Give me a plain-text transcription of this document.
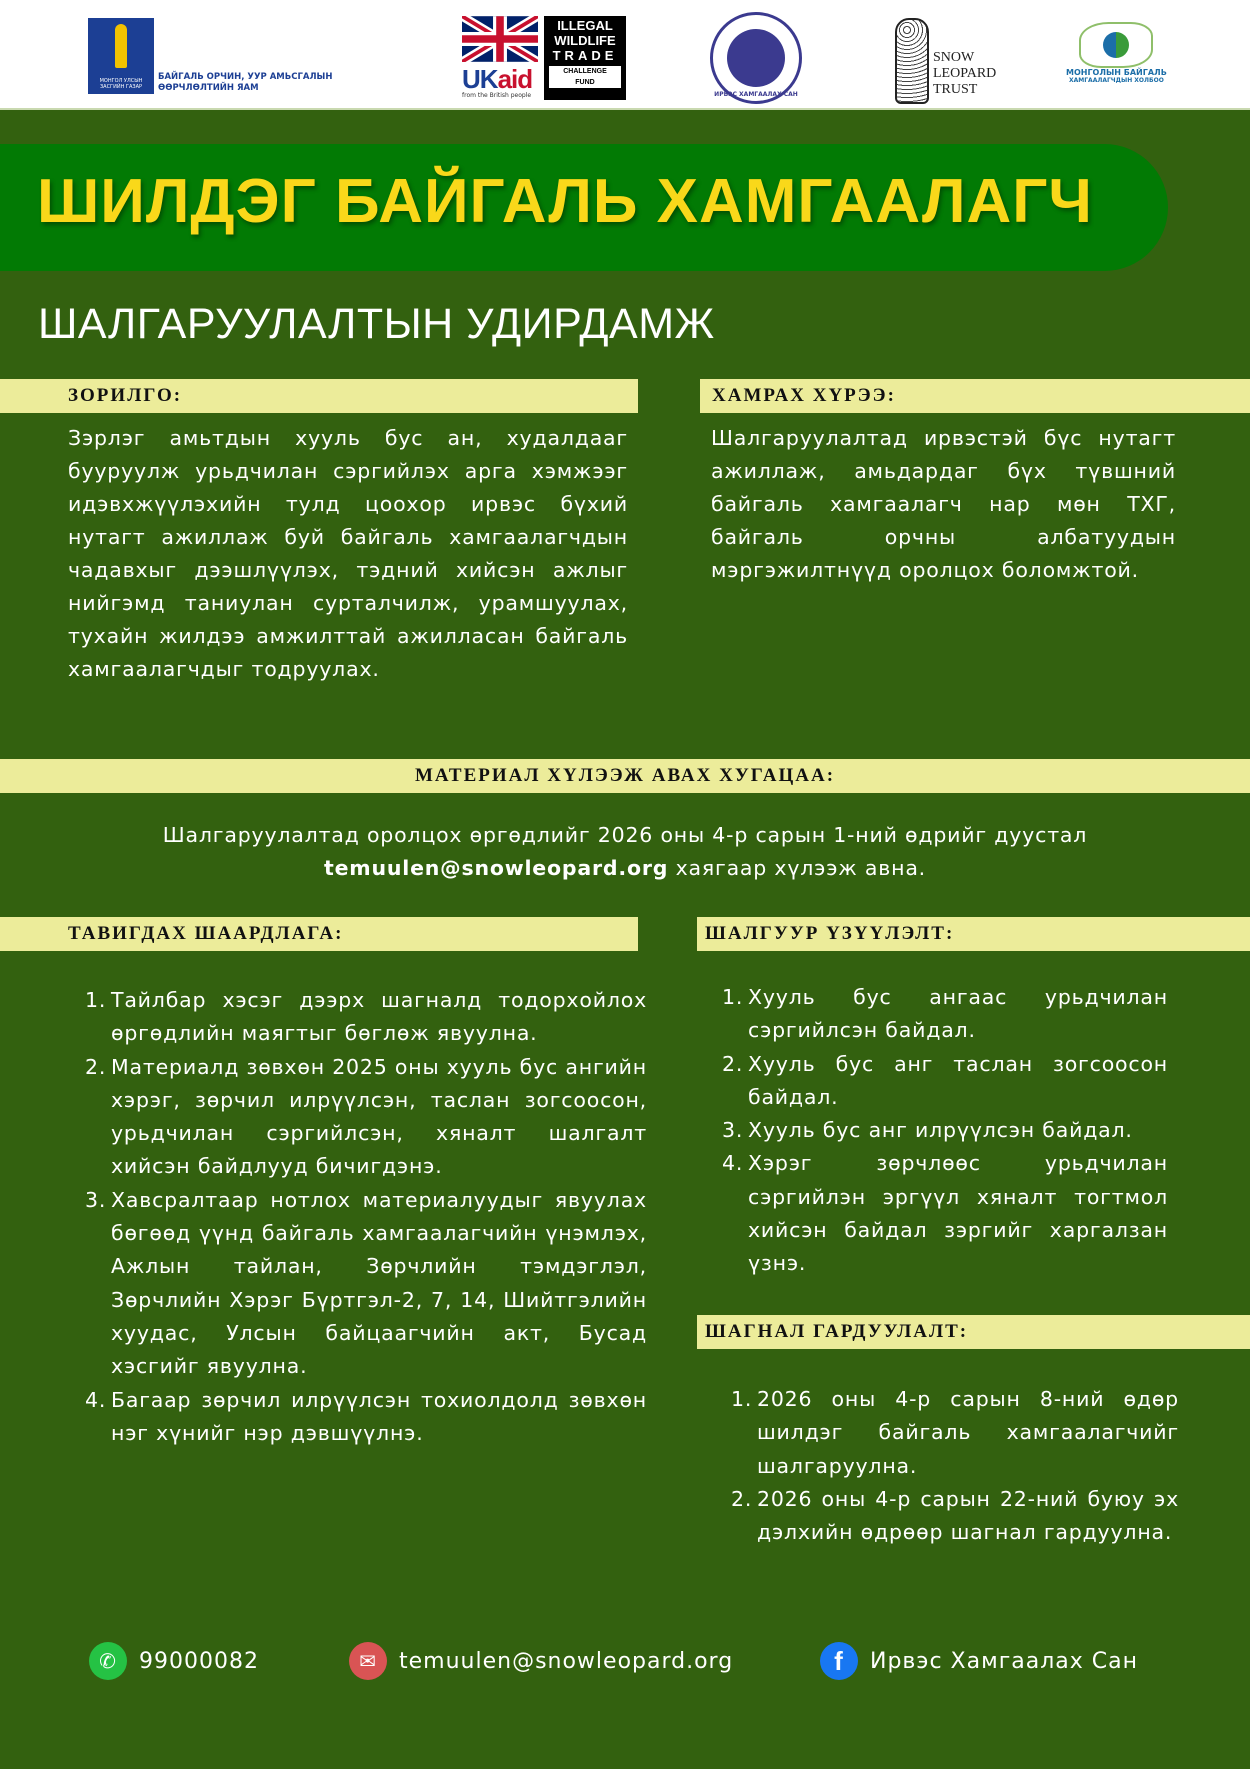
МОНГОЛ УЛСЫН ЗАСГИЙН ГАЗАР
БАЙГАЛЬ ОРЧИН, УУР АМЬСГАЛЫН
ӨӨРЧЛӨЛТИЙН ЯАМ	UKaid
from the British people
ILLEGAL
WILDLIFE
TRADE
CHALLENGE
FUND
ИРВЭС ХАМГААЛАХ САН
SNOW
LEOPARD
TRUST
МОНГОЛЫН БАЙГАЛЬ
ХАМГААЛАГЧДЫН ХОЛБОО
ШИЛДЭГ БАЙГАЛЬ ХАМГААЛАГЧ
ШАЛГАРУУЛАЛТЫН УДИРДАМЖ
ЗОРИЛГО:	ХАМРАХ ХҮРЭЭ:
Зэрлэг амьтдын хууль бус ан, худалдааг бууруулж урьдчилан сэргийлэх арга хэмжээг идэвхжүүлэхийн тулд цоохор ирвэс бүхий нутагт ажиллаж буй байгаль хамгаалагчдын чадавхыг дээшлүүлэх, тэдний хийсэн ажлыг нийгэмд таниулан сурталчилж, урамшуулах, тухайн жилдээ амжилттай ажилласан байгаль хамгаалагчдыг тодруулах.
Шалгаруулалтад ирвэстэй бүс нутагт ажиллаж, амьдардаг бүх түвшний байгаль хамгаалагч нар мөн ТХГ, байгаль орчны албатуудын мэргэжилтнүүд оролцох боломжтой.
МАТЕРИАЛ ХҮЛЭЭЖ АВАХ ХУГАЦАА:
Шалгаруулалтад оролцох өргөдлийг 2026 оны 4-р сарын 1-ний өдрийг дуустал
temuulen@snowleopard.org хаягаар хүлээж авна.
ТАВИГДАХ ШААРДЛАГА:	ШАЛГУУР ҮЗҮҮЛЭЛТ:
1. Тайлбар хэсэг дээрх шагналд тодорхойлох өргөдлийн маягтыг бөглөж явуулна.
2. Материалд зөвхөн 2025 оны хууль бус ангийн хэрэг, зөрчил илрүүлсэн, таслан зогсоосон, урьдчилан сэргийлсэн, хяналт шалгалт хийсэн байдлууд бичигдэнэ.
3. Хавсралтаар нотлох материалуудыг явуулах бөгөөд үүнд байгаль хамгаалагчийн үнэмлэх, Ажлын тайлан, Зөрчлийн тэмдэглэл, Зөрчлийн Хэрэг Бүртгэл-2, 7, 14, Шийтгэлийн хуудас, Улсын байцаагчийн акт, Бусад хэсгийг явуулна.
4. Багаар зөрчил илрүүлсэн тохиолдолд зөвхөн нэг хүнийг нэр дэвшүүлнэ.
1. Хууль бус ангаас урьдчилан сэргийлсэн байдал.
2. Хууль бус анг таслан зогсоосон байдал.
3. Хууль бус анг илрүүлсэн байдал.
4. Хэрэг зөрчлөөс урьдчилан сэргийлэн эргүүл хяналт тогтмол хийсэн байдал зэргийг харгалзан үзнэ.
ШАГНАЛ ГАРДУУЛАЛТ:
1. 2026 оны 4-р сарын 8-ний өдөр шилдэг байгаль хамгаалагчийг шалгаруулна.
2. 2026 оны 4-р сарын 22-ний буюу эх дэлхийн өдрөөр шагнал гардуулна.
✆	99000082	✉	temuulen@snowleopard.org	f	Ирвэс Хамгаалах Сан
